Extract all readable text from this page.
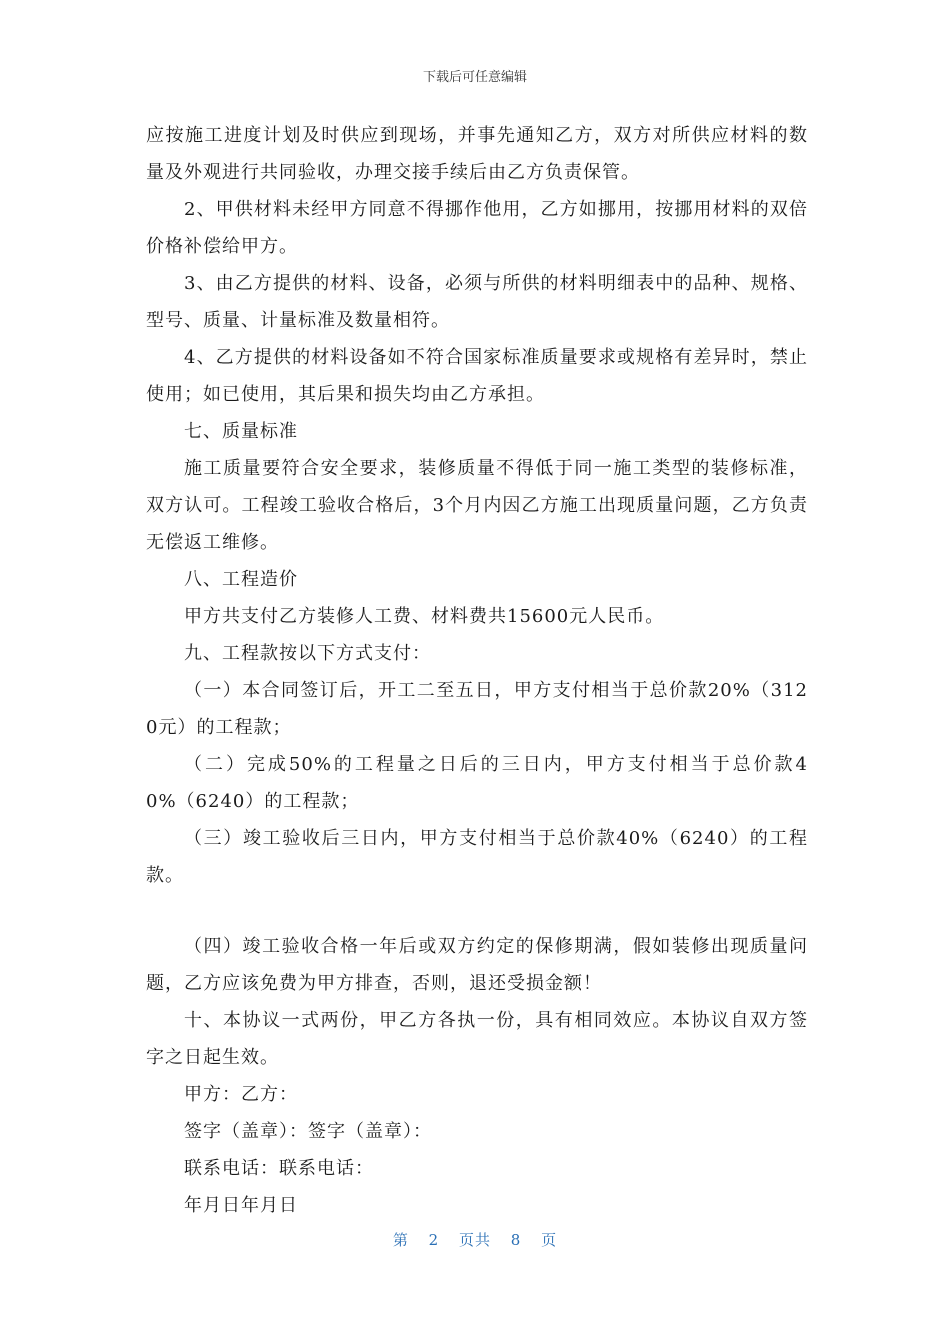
下载后可任意编辑

应按施工进度计划及时供应到现场，并事先通知乙方，双方对所供应材料的数量及外观进行共同验收，办理交接手续后由乙方负责保管。

2、甲供材料未经甲方同意不得挪作他用，乙方如挪用，按挪用材料的双倍价格补偿给甲方。

3、由乙方提供的材料、设备，必须与所供的材料明细表中的品种、规格、型号、质量、计量标准及数量相符。

4、乙方提供的材料设备如不符合国家标准质量要求或规格有差异时，禁止使用；如已使用，其后果和损失均由乙方承担。

七、质量标准

施工质量要符合安全要求，装修质量不得低于同一施工类型的装修标准，双方认可。工程竣工验收合格后，3个月内因乙方施工出现质量问题，乙方负责无偿返工维修。

八、工程造价

甲方共支付乙方装修人工费、材料费共15600元人民币。

九、工程款按以下方式支付：

（一）本合同签订后，开工二至五日，甲方支付相当于总价款20%（3120元）的工程款；

（二）完成50%的工程量之日后的三日内，甲方支付相当于总价款40%（6240）的工程款；

（三）竣工验收后三日内，甲方支付相当于总价款40%（6240）的工程款。

（四）竣工验收合格一年后或双方约定的保修期满，假如装修出现质量问题，乙方应该免费为甲方排查，否则，退还受损金额！

十、本协议一式两份，甲乙方各执一份，具有相同效应。本协议自双方签字之日起生效。

甲方：乙方：

签字（盖章）：签字（盖章）：

联系电话：联系电话：

年月日年月日

第 2 页共 8 页
